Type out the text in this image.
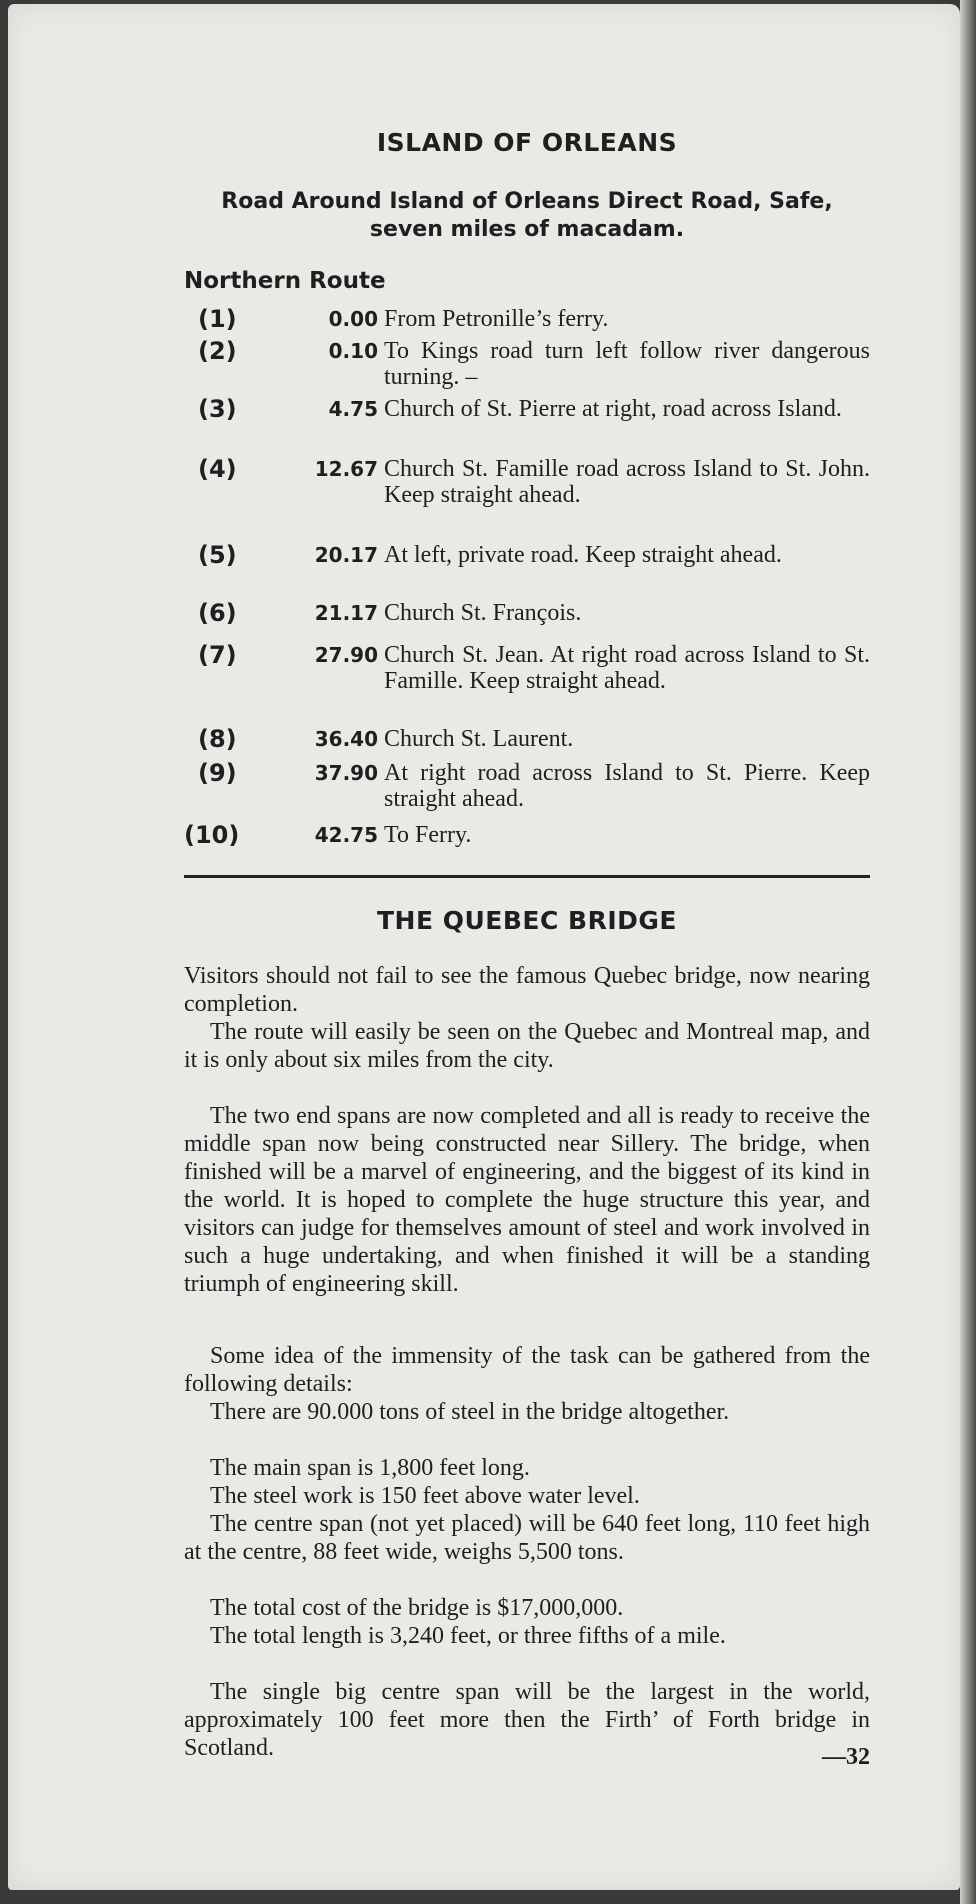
ISLAND OF ORLEANS
Road Around Island of Orleans Direct Road, Safe, seven miles of macadam.
Northern Route
(1)	0.00 From Petronille’s ferry.
(2)	0.10 To Kings road turn left follow river dangerous turning. –
(3)	4.75 Church of St. Pierre at right, road across Island.
(4)	12.67 Church St. Famille road across Island to St. John. Keep straight ahead.
(5)	20.17 At left, private road. Keep straight ahead.
(6)	21.17 Church St. François.
(7)	27.90 Church St. Jean. At right road across Island to St. Famille. Keep straight ahead.
(8)	36.40 Church St. Laurent.
(9)	37.90 At right road across Island to St. Pierre. Keep straight ahead.
(10)	42.75 To Ferry.
THE QUEBEC BRIDGE
Visitors should not fail to see the famous Quebec bridge, now nearing completion.
The route will easily be seen on the Quebec and Montreal map, and it is only about six miles from the city.
The two end spans are now completed and all is ready to receive the middle span now being constructed near Sillery. The bridge, when finished will be a marvel of engineering, and the biggest of its kind in the world. It is hoped to complete the huge structure this year, and visitors can judge for themselves amount of steel and work involved in such a huge undertaking, and when finished it will be a standing triumph of engineering skill.
Some idea of the immensity of the task can be gathered from the following details:
There are 90.000 tons of steel in the bridge altogether.
The main span is 1,800 feet long.
The steel work is 150 feet above water level.
The centre span (not yet placed) will be 640 feet long, 110 feet high at the centre, 88 feet wide, weighs 5,500 tons.
The total cost of the bridge is $17,000,000.
The total length is 3,240 feet, or three fifths of a mile.
The single big centre span will be the largest in the world, approximately 100 feet more then the Firth’ of Forth bridge in Scotland.	—32
